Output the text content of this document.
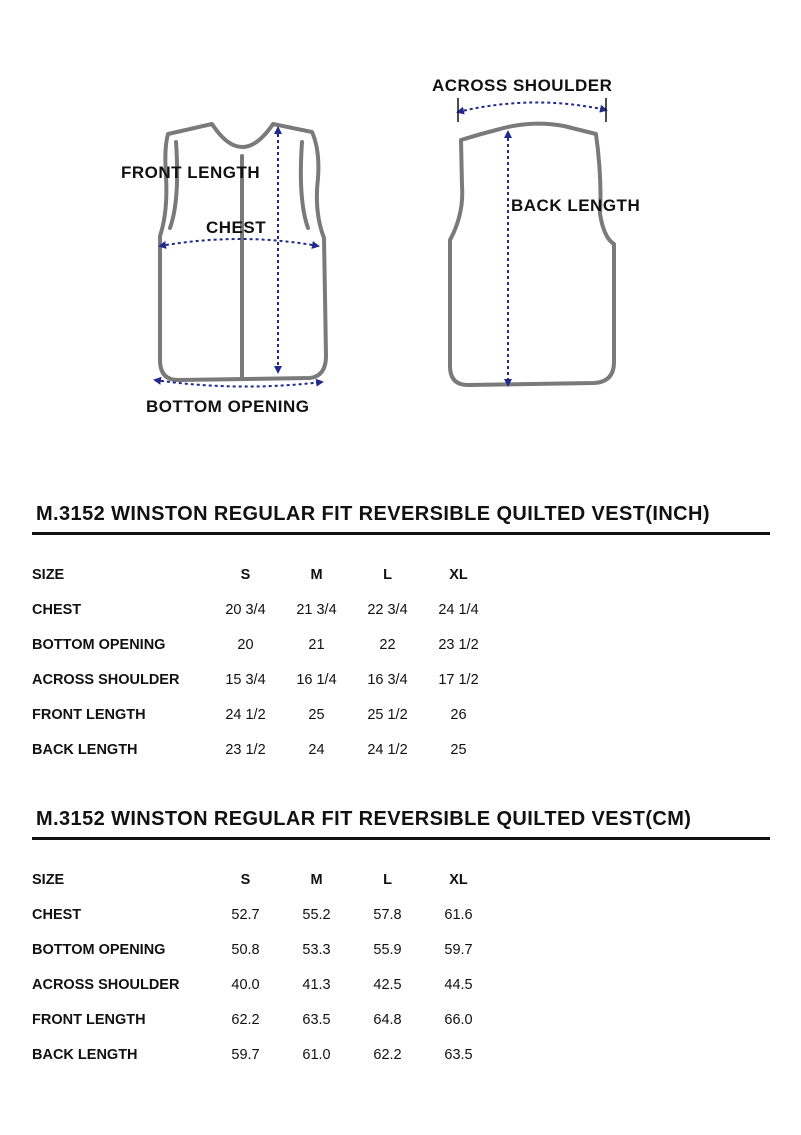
FRONT LENGTH
CHEST
BOTTOM OPENING
ACROSS SHOULDER
BACK LENGTH
M.3152 WINSTON REGULAR FIT REVERSIBLE QUILTED VEST(INCH)
SIZE	S	M	L	XL
CHEST	20 3/4	21 3/4	22 3/4	24 1/4
BOTTOM OPENING	20	21	22	23 1/2
ACROSS SHOULDER	15 3/4	16 1/4	16 3/4	17 1/2
FRONT LENGTH	24 1/2	25	25 1/2	26
BACK LENGTH	23 1/2	24	24 1/2	25
M.3152 WINSTON REGULAR FIT REVERSIBLE QUILTED VEST(CM)
SIZE	S	M	L	XL
CHEST	52.7	55.2	57.8	61.6
BOTTOM OPENING	50.8	53.3	55.9	59.7
ACROSS SHOULDER	40.0	41.3	42.5	44.5
FRONT LENGTH	62.2	63.5	64.8	66.0
BACK LENGTH	59.7	61.0	62.2	63.5
